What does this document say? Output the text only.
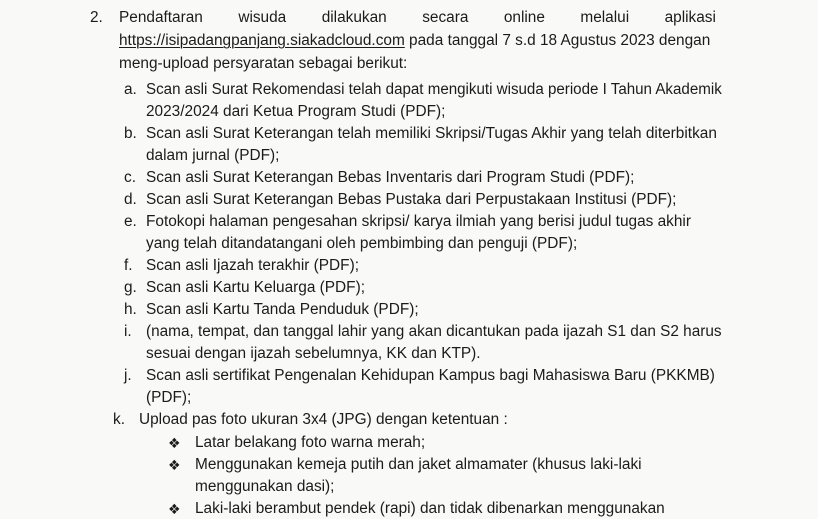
2. Pendaftaran wisuda dilakukan secara online melalui aplikasi
https://isipadangpanjang.siakadcloud.com pada tanggal 7 s.d 18 Agustus 2023 dengan
meng-upload persyaratan sebagai berikut:
a. Scan asli Surat Rekomendasi telah dapat mengikuti wisuda periode I Tahun Akademik
2023/2024 dari Ketua Program Studi (PDF);
b. Scan asli Surat Keterangan telah memiliki Skripsi/Tugas Akhir yang telah diterbitkan
dalam jurnal (PDF);
c. Scan asli Surat Keterangan Bebas Inventaris dari Program Studi (PDF);
d. Scan asli Surat Keterangan Bebas Pustaka dari Perpustakaan Institusi (PDF);
e. Fotokopi halaman pengesahan skripsi/ karya ilmiah yang berisi judul tugas akhir
yang telah ditandatangani oleh pembimbing dan penguji (PDF);
f. Scan asli Ijazah terakhir (PDF);
g. Scan asli Kartu Keluarga (PDF);
h. Scan asli Kartu Tanda Penduduk (PDF);
i. (nama, tempat, dan tanggal lahir yang akan dicantukan pada ijazah S1 dan S2 harus
sesuai dengan ijazah sebelumnya, KK dan KTP).
j. Scan asli sertifikat Pengenalan Kehidupan Kampus bagi Mahasiswa Baru (PKKMB)
(PDF);
k. Upload pas foto ukuran 3x4 (JPG) dengan ketentuan :
❖ Latar belakang foto warna merah;
❖ Menggunakan kemeja putih dan jaket almamater (khusus laki-laki
menggunakan dasi);
❖ Laki-laki berambut pendek (rapi) dan tidak dibenarkan menggunakan
